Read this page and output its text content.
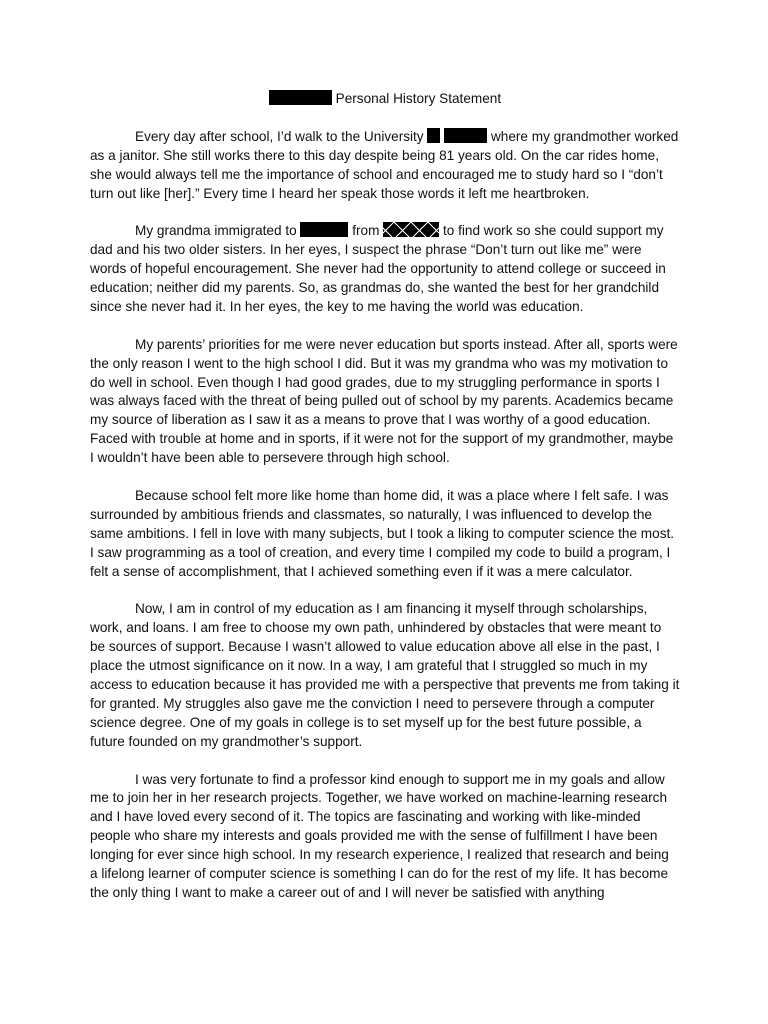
Personal History Statement

Every day after school, I’d walk to the University	where my grandmother worked as a janitor. She still works there to this day despite being 81 years old. On the car rides home, she would always tell me the importance of school and encouraged me to study hard so I “don’t turn out like [her].” Every time I heard her speak those words it left me heartbroken.

My grandma immigrated to	from	to find work so she could support my dad and his two older sisters. In her eyes, I suspect the phrase “Don’t turn out like me” were words of hopeful encouragement. She never had the opportunity to attend college or succeed in education; neither did my parents. So, as grandmas do, she wanted the best for her grandchild since she never had it. In her eyes, the key to me having the world was education.

My parents’ priorities for me were never education but sports instead. After all, sports were the only reason I went to the high school I did. But it was my grandma who was my motivation to do well in school. Even though I had good grades, due to my struggling performance in sports I was always faced with the threat of being pulled out of school by my parents. Academics became my source of liberation as I saw it as a means to prove that I was worthy of a good education. Faced with trouble at home and in sports, if it were not for the support of my grandmother, maybe I wouldn’t have been able to persevere through high school.

Because school felt more like home than home did, it was a place where I felt safe. I was surrounded by ambitious friends and classmates, so naturally, I was influenced to develop the same ambitions. I fell in love with many subjects, but I took a liking to computer science the most. I saw programming as a tool of creation, and every time I compiled my code to build a program, I felt a sense of accomplishment, that I achieved something even if it was a mere calculator.

Now, I am in control of my education as I am financing it myself through scholarships, work, and loans. I am free to choose my own path, unhindered by obstacles that were meant to be sources of support. Because I wasn’t allowed to value education above all else in the past, I place the utmost significance on it now. In a way, I am grateful that I struggled so much in my access to education because it has provided me with a perspective that prevents me from taking it for granted. My struggles also gave me the conviction I need to persevere through a computer science degree. One of my goals in college is to set myself up for the best future possible, a future founded on my grandmother’s support.

I was very fortunate to find a professor kind enough to support me in my goals and allow me to join her in her research projects. Together, we have worked on machine-learning research and I have loved every second of it. The topics are fascinating and working with like-minded people who share my interests and goals provided me with the sense of fulfillment I have been longing for ever since high school. In my research experience, I realized that research and being a lifelong learner of computer science is something I can do for the rest of my life. It has become the only thing I want to make a career out of and I will never be satisfied with anything
